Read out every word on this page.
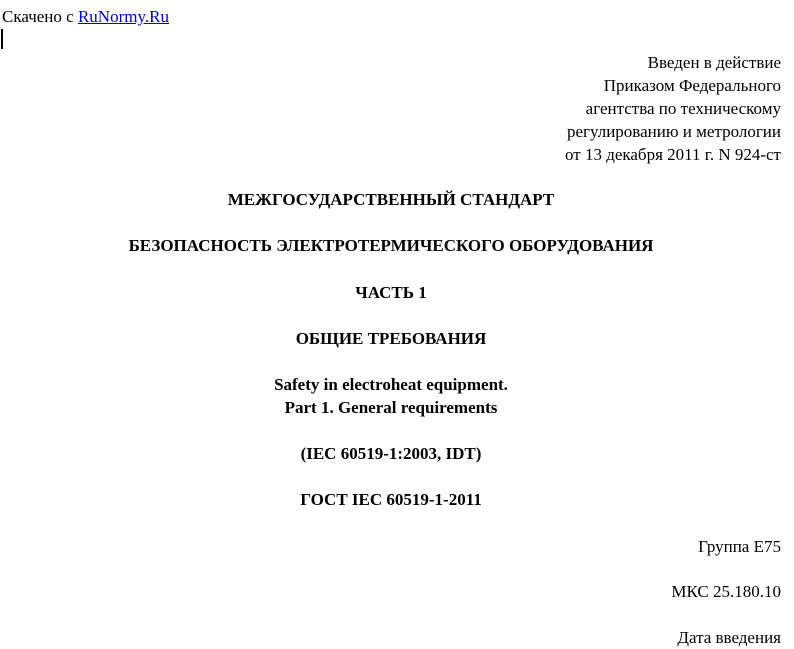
Скачено с RuNormy.Ru
Введен в действие
Приказом Федерального
агентства по техническому
регулированию и метрологии
от 13 декабря 2011 г. N 924-ст
МЕЖГОСУДАРСТВЕННЫЙ СТАНДАРТ
БЕЗОПАСНОСТЬ ЭЛЕКТРОТЕРМИЧЕСКОГО ОБОРУДОВАНИЯ
ЧАСТЬ 1
ОБЩИЕ ТРЕБОВАНИЯ
Safety in electroheat equipment.
Part 1. General requirements
(IEC 60519-1:2003, IDT)
ГОСТ IEC 60519-1-2011
Группа E75
МКС 25.180.10
Дата введения
